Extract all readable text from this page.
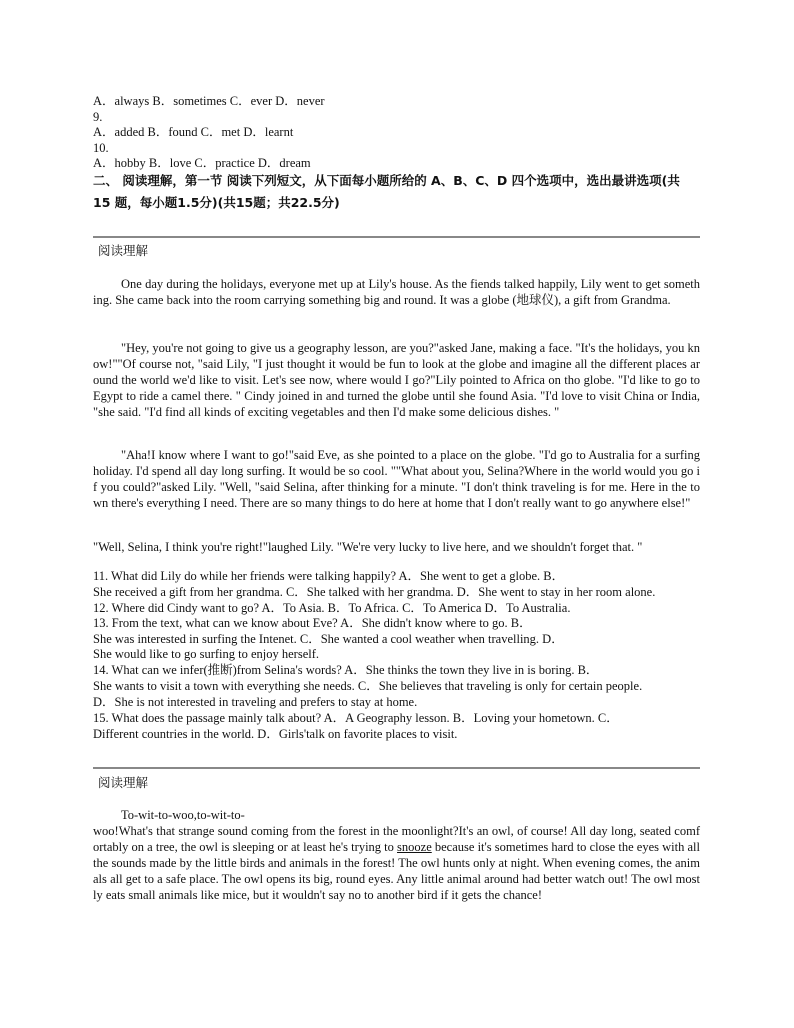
A．always B．sometimes C．ever D．never
9.
A．added B．found C．met D．learnt
10.
A．hobby B．love C．practice D．dream
二、 阅读理解，第一节 阅读下列短文，从下面每小题所给的 A、B、C、D 四个选项中，选出最讲选项(共15 题，每小题1.5分)(共15题；共22.5分)
阅读理解
One day during the holidays, everyone met up at Lily's house. As the fiends talked happily, Lily went to get something. She came back into the room carrying something big and round. It was a globe (地球仪), a gift from Grandma.
"Hey, you're not going to give us a geography lesson, are you?"asked Jane, making a face. "It's the holidays, you know!""Of course not, "said Lily, "I just thought it would be fun to look at the globe and imagine all the different places around the world we'd like to visit. Let's see now, where would I go?"Lily pointed to Africa on tho globe. "I'd like to go to Egypt to ride a camel there. " Cindy joined in and turned the globe until she found Asia. "I'd love to visit China or India, "she said. "I'd find all kinds of exciting vegetables and then I'd make some delicious dishes. "
"Aha!I know where I want to go!"said Eve, as she pointed to a place on the globe. "I'd go to Australia for a surfing holiday. I'd spend all day long surfing. It would be so cool. ""What about you, Selina?Where in the world would you go if you could?"asked Lily. "Well, "said Selina, after thinking for a minute. "I don't think traveling is for me. Here in the town there's everything I need. There are so many things to do here at home that I don't really want to go anywhere else!"
"Well, Selina, I think you're right!"laughed Lily. "We're very lucky to live here, and we shouldn't forget that. "
11. What did Lily do while her friends were talking happily? A．She went to get a globe. B．
She received a gift from her grandma. C．She talked with her grandma. D．She went to stay in her room alone.
12. Where did Cindy want to go? A．To Asia. B．To Africa. C．To America D．To Australia.
13. From the text, what can we know about Eve? A．She didn't know where to go. B．
She was interested in surfing the Intenet. C．She wanted a cool weather when travelling. D．
She would like to go surfing to enjoy herself.
14. What can we infer(推断)from Selina's words? A．She thinks the town they live in is boring. B．
She wants to visit a town with everything she needs. C．She believes that traveling is only for certain people.
D．She is not interested in traveling and prefers to stay at home.
15. What does the passage mainly talk about? A．A Geography lesson. B．Loving your hometown. C．
Different countries in the world. D．Girls'talk on favorite places to visit.
阅读理解
To-wit-to-woo,to-wit-to-
woo!What's that strange sound coming from the forest in the moonlight?It's an owl, of course! All day long, seated comfortably on a tree, the owl is sleeping or at least he's trying to snooze because it's sometimes hard to close the eyes with all the sounds made by the little birds and animals in the forest! The owl hunts only at night. When evening comes, the animals all get to a safe place. The owl opens its big, round eyes. Any little animal around had better watch out! The owl mostly eats small animals like mice, but it wouldn't say no to another bird if it gets the chance!
